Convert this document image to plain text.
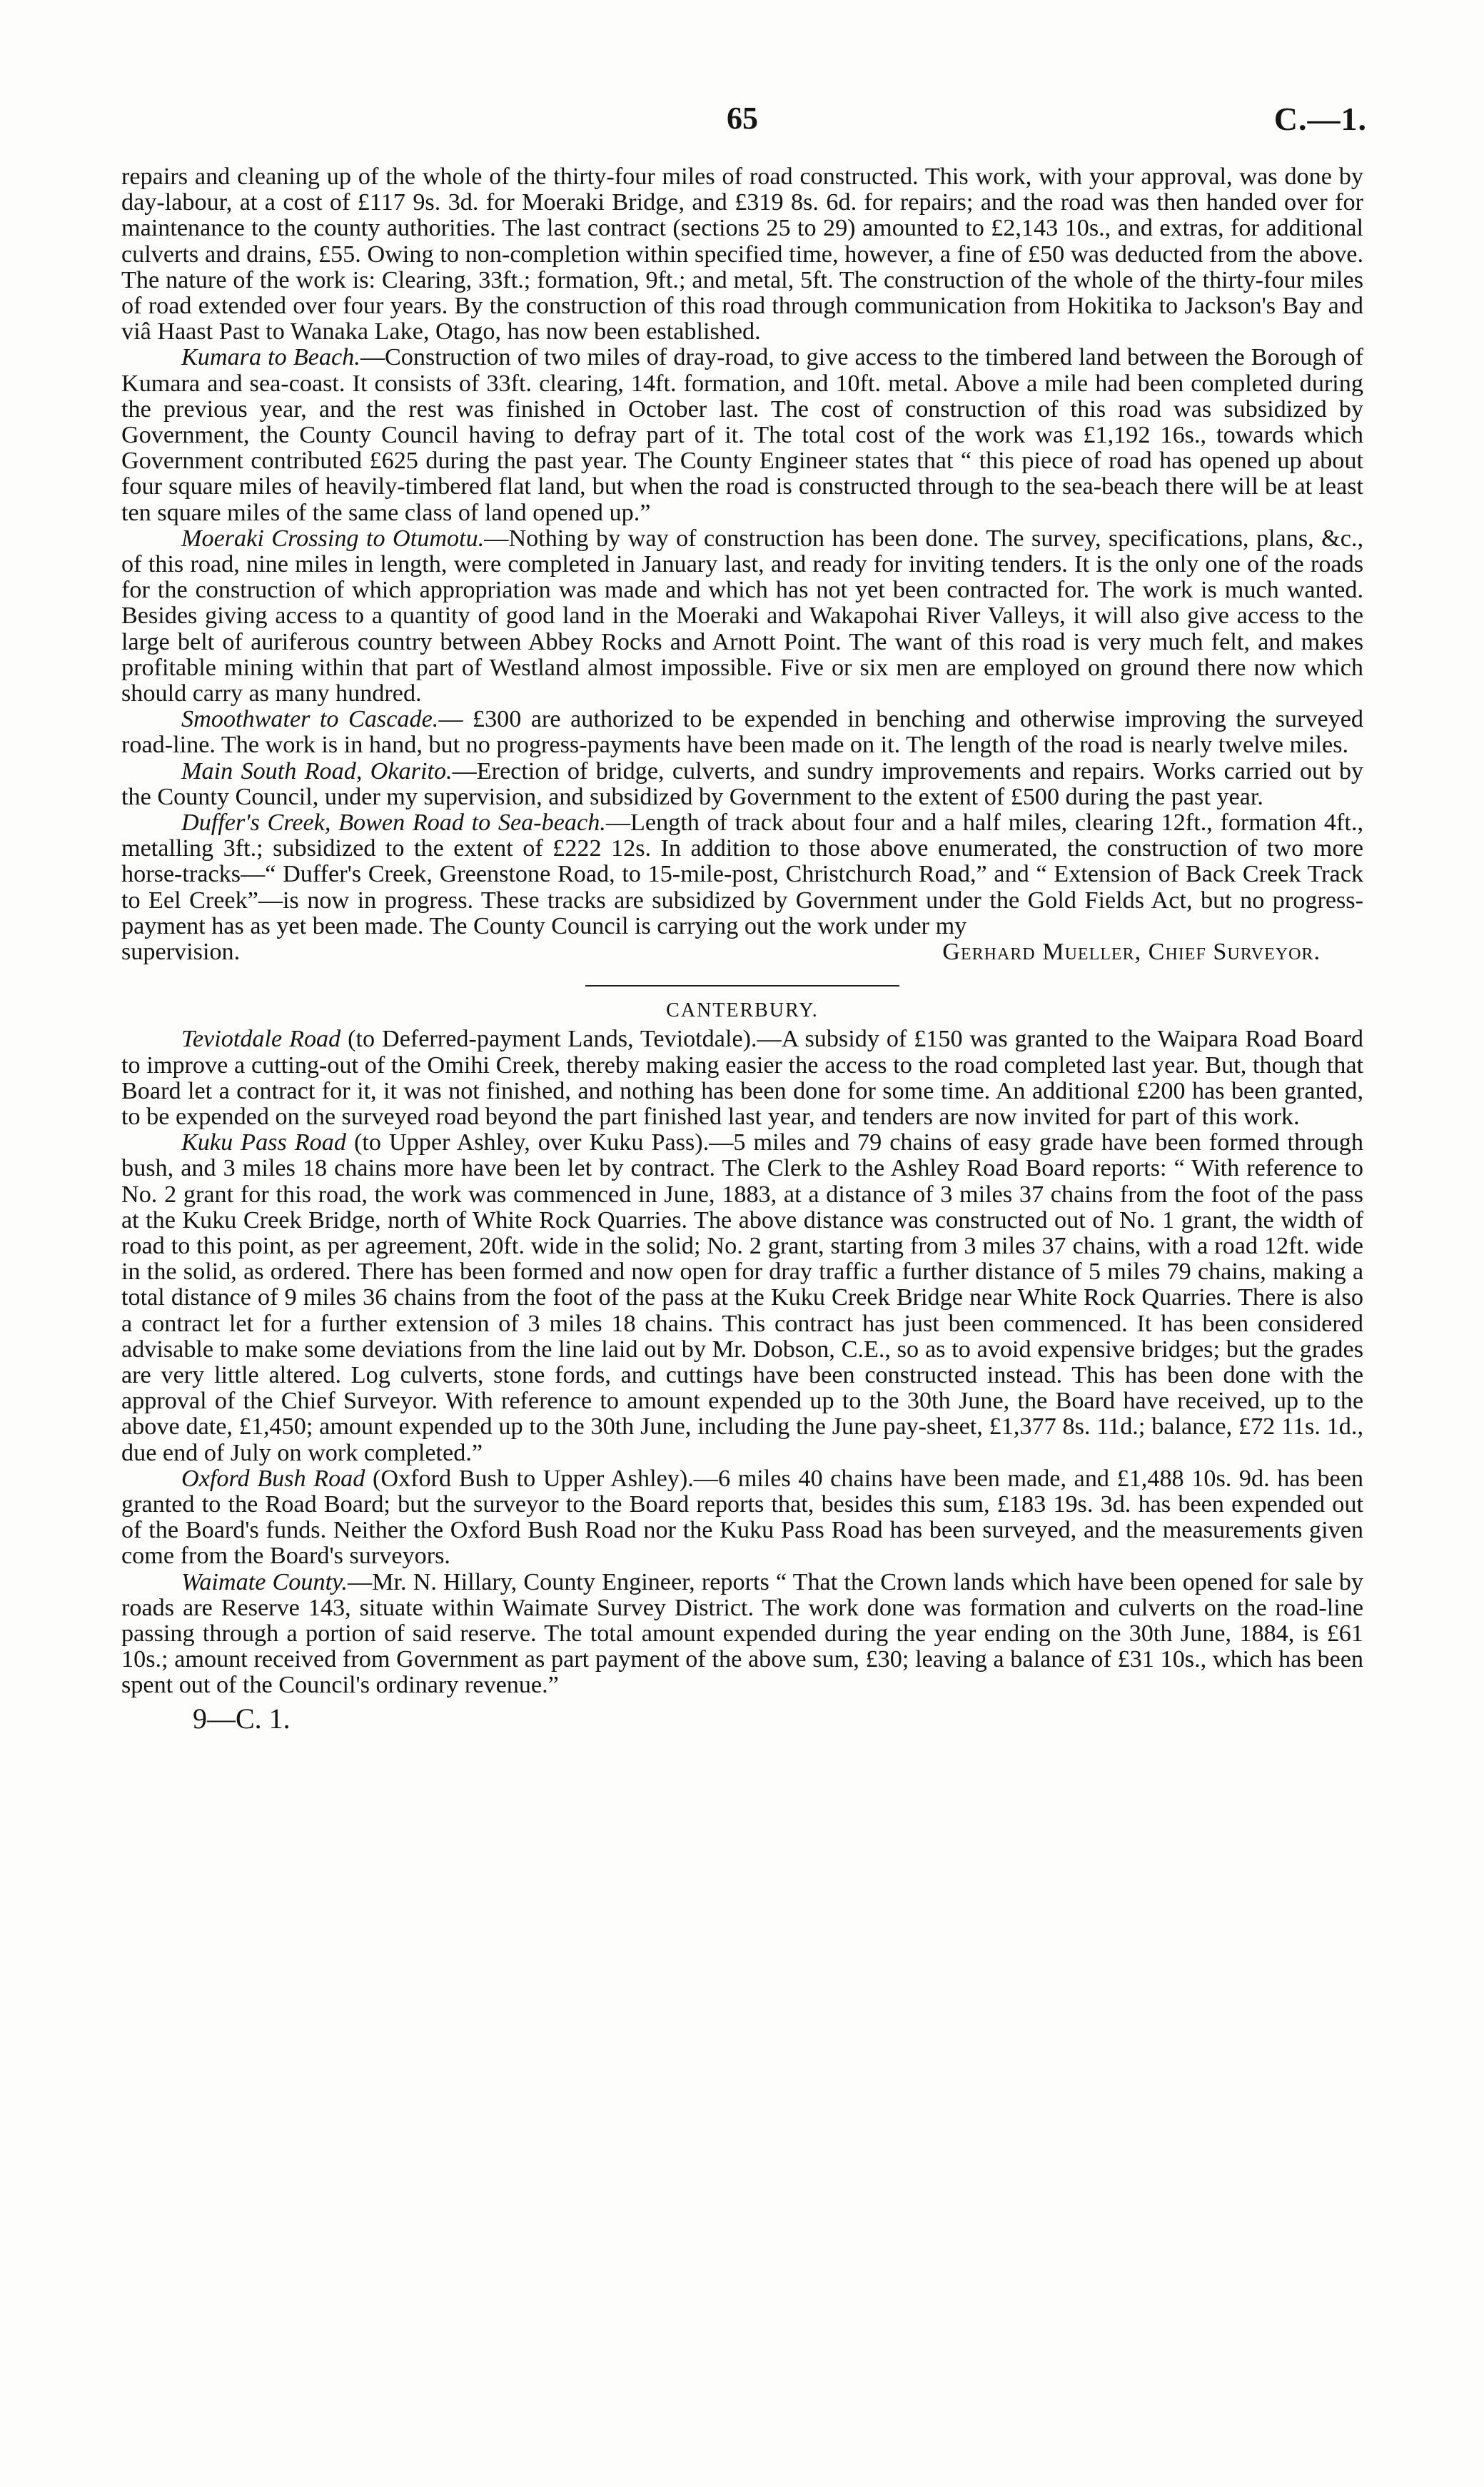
65	C.—1.

repairs and cleaning up of the whole of the thirty-four miles of road constructed. This work, with your approval, was done by day-labour, at a cost of £117 9s. 3d. for Moeraki Bridge, and £319 8s. 6d. for repairs; and the road was then handed over for maintenance to the county authorities. The last contract (sections 25 to 29) amounted to £2,143 10s., and extras, for additional culverts and drains, £55. Owing to non-completion within specified time, however, a fine of £50 was deducted from the above. The nature of the work is: Clearing, 33ft.; formation, 9ft.; and metal, 5ft. The construction of the whole of the thirty-four miles of road extended over four years. By the construction of this road through communication from Hokitika to Jackson's Bay and viâ Haast Past to Wanaka Lake, Otago, has now been established.

Kumara to Beach.—Construction of two miles of dray-road, to give access to the timbered land between the Borough of Kumara and sea-coast. It consists of 33ft. clearing, 14ft. formation, and 10ft. metal. Above a mile had been completed during the previous year, and the rest was finished in October last. The cost of construction of this road was subsidized by Government, the County Council having to defray part of it. The total cost of the work was £1,192 16s., towards which Government contributed £625 during the past year. The County Engineer states that “ this piece of road has opened up about four square miles of heavily-timbered flat land, but when the road is constructed through to the sea-beach there will be at least ten square miles of the same class of land opened up.”

Moeraki Crossing to Otumotu.—Nothing by way of construction has been done. The survey, specifications, plans, &c., of this road, nine miles in length, were completed in January last, and ready for inviting tenders. It is the only one of the roads for the construction of which appropriation was made and which has not yet been contracted for. The work is much wanted. Besides giving access to a quantity of good land in the Moeraki and Wakapohai River Valleys, it will also give access to the large belt of auriferous country between Abbey Rocks and Arnott Point. The want of this road is very much felt, and makes profitable mining within that part of Westland almost impossible. Five or six men are employed on ground there now which should carry as many hundred.

Smoothwater to Cascade.— £300 are authorized to be expended in benching and otherwise improving the surveyed road-line. The work is in hand, but no progress-payments have been made on it. The length of the road is nearly twelve miles.

Main South Road, Okarito.—Erection of bridge, culverts, and sundry improvements and repairs. Works carried out by the County Council, under my supervision, and subsidized by Government to the extent of £500 during the past year.

Duffer's Creek, Bowen Road to Sea-beach.—Length of track about four and a half miles, clearing 12ft., formation 4ft., metalling 3ft.; subsidized to the extent of £222 12s. In addition to those above enumerated, the construction of two more horse-tracks—“ Duffer's Creek, Greenstone Road, to 15-mile-post, Christchurch Road,” and “ Extension of Back Creek Track to Eel Creek”—is now in progress. These tracks are subsidized by Government under the Gold Fields Act, but no progress-payment has as yet been made. The County Council is carrying out the work under my

supervision.	Gerhard Mueller, Chief Surveyor.
CANTERBURY.

Teviotdale Road (to Deferred-payment Lands, Teviotdale).—A subsidy of £150 was granted to the Waipara Road Board to improve a cutting-out of the Omihi Creek, thereby making easier the access to the road completed last year. But, though that Board let a contract for it, it was not finished, and nothing has been done for some time. An additional £200 has been granted, to be expended on the surveyed road beyond the part finished last year, and tenders are now invited for part of this work.

Kuku Pass Road (to Upper Ashley, over Kuku Pass).—5 miles and 79 chains of easy grade have been formed through bush, and 3 miles 18 chains more have been let by contract. The Clerk to the Ashley Road Board reports: “ With reference to No. 2 grant for this road, the work was commenced in June, 1883, at a distance of 3 miles 37 chains from the foot of the pass at the Kuku Creek Bridge, north of White Rock Quarries. The above distance was constructed out of No. 1 grant, the width of road to this point, as per agreement, 20ft. wide in the solid; No. 2 grant, starting from 3 miles 37 chains, with a road 12ft. wide in the solid, as ordered. There has been formed and now open for dray traffic a further distance of 5 miles 79 chains, making a total distance of 9 miles 36 chains from the foot of the pass at the Kuku Creek Bridge near White Rock Quarries. There is also a contract let for a further extension of 3 miles 18 chains. This contract has just been commenced. It has been considered advisable to make some deviations from the line laid out by Mr. Dobson, C.E., so as to avoid expensive bridges; but the grades are very little altered. Log culverts, stone fords, and cuttings have been constructed instead. This has been done with the approval of the Chief Surveyor. With reference to amount expended up to the 30th June, the Board have received, up to the above date, £1,450; amount expended up to the 30th June, including the June pay-sheet, £1,377 8s. 11d.; balance, £72 11s. 1d., due end of July on work completed.”

Oxford Bush Road (Oxford Bush to Upper Ashley).—6 miles 40 chains have been made, and £1,488 10s. 9d. has been granted to the Road Board; but the surveyor to the Board reports that, besides this sum, £183 19s. 3d. has been expended out of the Board's funds. Neither the Oxford Bush Road nor the Kuku Pass Road has been surveyed, and the measurements given come from the Board's surveyors.

Waimate County.—Mr. N. Hillary, County Engineer, reports “ That the Crown lands which have been opened for sale by roads are Reserve 143, situate within Waimate Survey District. The work done was formation and culverts on the road-line passing through a portion of said reserve. The total amount expended during the year ending on the 30th June, 1884, is £61 10s.; amount received from Government as part payment of the above sum, £30; leaving a balance of £31 10s., which has been spent out of the Council's ordinary revenue.”

9—C. 1.
